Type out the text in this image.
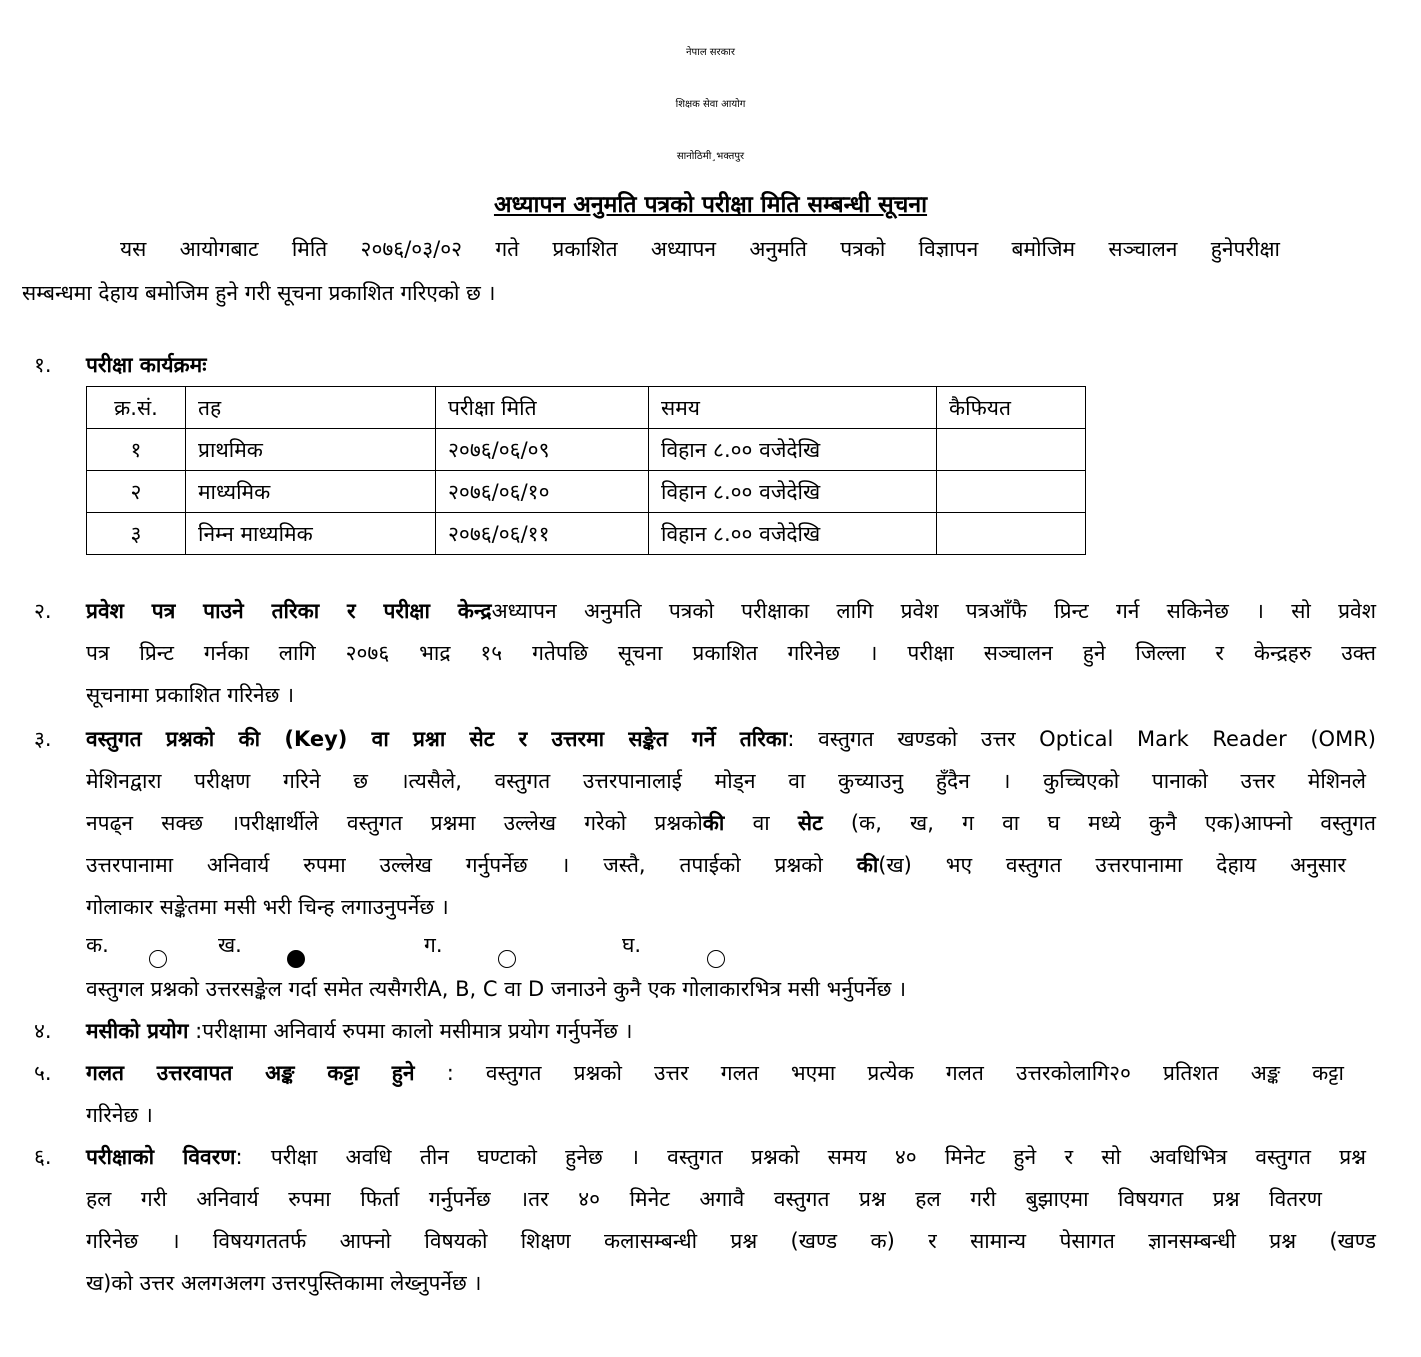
नेपाल सरकार
शिक्षक सेवा आयोग
सानोठिमी¸भक्तपुर
अध्यापन अनुमति पत्रको परीक्षा मिति सम्बन्धी सूचना
यस आयोगबाट मिति २०७६/०३/०२ गते प्रकाशित अध्यापन अनुमति पत्रको विज्ञापन बमोजिम सञ्चालन हुनेपरीक्षा
सम्बन्धमा देहाय बमोजिम हुने गरी सूचना प्रकाशित गरिएको छ ।
१. परीक्षा कार्यक्रमः
क्र.सं.	तह	परीक्षा मिति	समय	कैफियत
१	प्राथमिक	२०७६/०६/०९	विहान ८.०० वजेदेखि	
२	माध्यमिक	२०७६/०६/१०	विहान ८.०० वजेदेखि	
३	निम्न माध्यमिक	२०७६/०६/११	विहान ८.०० वजेदेखि	
२. प्रवेश पत्र पाउने तरिका र परीक्षा केन्द्रअध्यापन अनुमति पत्रको परीक्षाका लागि प्रवेश पत्रआँफै प्रिन्ट गर्न सकिनेछ । सो प्रवेश
पत्र प्रिन्ट गर्नका लागि २०७६ भाद्र १५ गतेपछि सूचना प्रकाशित गरिनेछ । परीक्षा सञ्चालन हुने जिल्ला र केन्द्रहरु उक्त
सूचनामा प्रकाशित गरिनेछ ।
३. वस्तुगत प्रश्नको की (Key) वा प्रश्ना सेट र उत्तरमा सङ्केत गर्ने तरिका: वस्तुगत खण्डको उत्तर Optical Mark Reader (OMR)
मेशिनद्वारा परीक्षण गरिने छ ।त्यसैले, वस्तुगत उत्तरपानालाई मोड्न वा कुच्याउनु हुँदैन । कुच्चिएको पानाको उत्तर मेशिनले
नपढ्न सक्छ ।परीक्षार्थीले वस्तुगत प्रश्नमा उल्लेख गरेको प्रश्नकोकी वा सेट (क, ख, ग वा घ मध्ये कुनै एक)आफ्नो वस्तुगत
उत्तरपानामा अनिवार्य रुपमा उल्लेख गर्नुपर्नेछ । जस्तै, तपाईको प्रश्नको की(ख) भए वस्तुगत उत्तरपानामा देहाय अनुसार
गोलाकार सङ्केतमा मसी भरी चिन्ह लगाउनुपर्नेछ ।
क.	ख.	ग.	घ.
वस्तुगल प्रश्नको उत्तरसङ्केल गर्दा समेत त्यसैगरीA, B, C वा D जनाउने कुनै एक गोलाकारभित्र मसी भर्नुपर्नेछ ।
४. मसीको प्रयोग :परीक्षामा अनिवार्य रुपमा कालो मसीमात्र प्रयोग गर्नुपर्नेछ ।
५. गलत उत्तरवापत अङ्क कट्टा हुने : वस्तुगत प्रश्नको उत्तर गलत भएमा प्रत्येक गलत उत्तरकोलागि२० प्रतिशत अङ्क कट्टा
गरिनेछ ।
६. परीक्षाको विवरण: परीक्षा अवधि तीन घण्टाको हुनेछ । वस्तुगत प्रश्नको समय ४० मिनेट हुने र सो अवधिभित्र वस्तुगत प्रश्न
हल गरी अनिवार्य रुपमा फिर्ता गर्नुपर्नेछ ।तर ४० मिनेट अगावै वस्तुगत प्रश्न हल गरी बुझाएमा विषयगत प्रश्न वितरण
गरिनेछ । विषयगततर्फ आफ्नो विषयको शिक्षण कलासम्बन्धी प्रश्न (खण्ड क) र सामान्य पेसागत ज्ञानसम्बन्धी प्रश्न (खण्ड
ख)को उत्तर अलगअलग उत्तरपुस्तिकामा लेख्नुपर्नेछ ।
